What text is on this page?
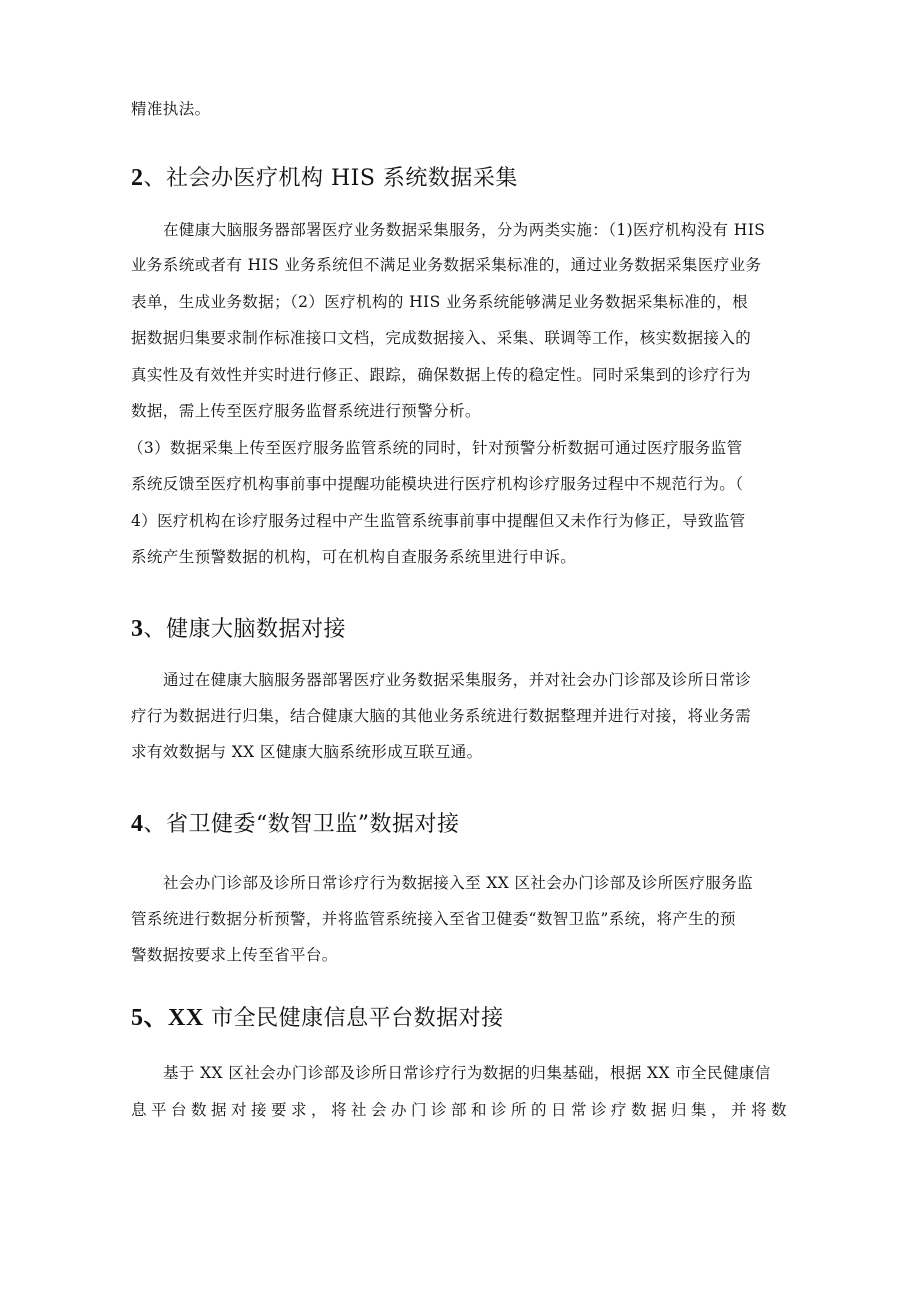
精准执法。
2、社会办医疗机构 HIS 系统数据采集
在健康大脑服务器部署医疗业务数据采集服务，分为两类实施：（1)医疗机构没有 HIS
业务系统或者有 HIS 业务系统但不满足业务数据采集标准的，通过业务数据采集医疗业务
表单，生成业务数据；（2）医疗机构的 HIS 业务系统能够满足业务数据采集标准的，根
据数据归集要求制作标准接口文档，完成数据接入、采集、联调等工作，核实数据接入的
真实性及有效性并实时进行修正、跟踪，确保数据上传的稳定性。同时采集到的诊疗行为
数据，需上传至医疗服务监督系统进行预警分析。
（3）数据采集上传至医疗服务监管系统的同时，针对预警分析数据可通过医疗服务监管
系统反馈至医疗机构事前事中提醒功能模块进行医疗机构诊疗服务过程中不规范行为。（
4）医疗机构在诊疗服务过程中产生监管系统事前事中提醒但又未作行为修正，导致监管
系统产生预警数据的机构，可在机构自查服务系统里进行申诉。
3、健康大脑数据对接
通过在健康大脑服务器部署医疗业务数据采集服务，并对社会办门诊部及诊所日常诊
疗行为数据进行归集，结合健康大脑的其他业务系统进行数据整理并进行对接，将业务需
求有效数据与 XX 区健康大脑系统形成互联互通。
4、省卫健委“数智卫监”数据对接
社会办门诊部及诊所日常诊疗行为数据接入至 XX 区社会办门诊部及诊所医疗服务监
管系统进行数据分析预警，并将监管系统接入至省卫健委“数智卫监”系统，将产生的预
警数据按要求上传至省平台。
5、XX 市全民健康信息平台数据对接
基于 XX 区社会办门诊部及诊所日常诊疗行为数据的归集基础，根据 XX 市全民健康信
息平台数据对接要求，将社会办门诊部和诊所的日常诊疗数据归集，并将数
